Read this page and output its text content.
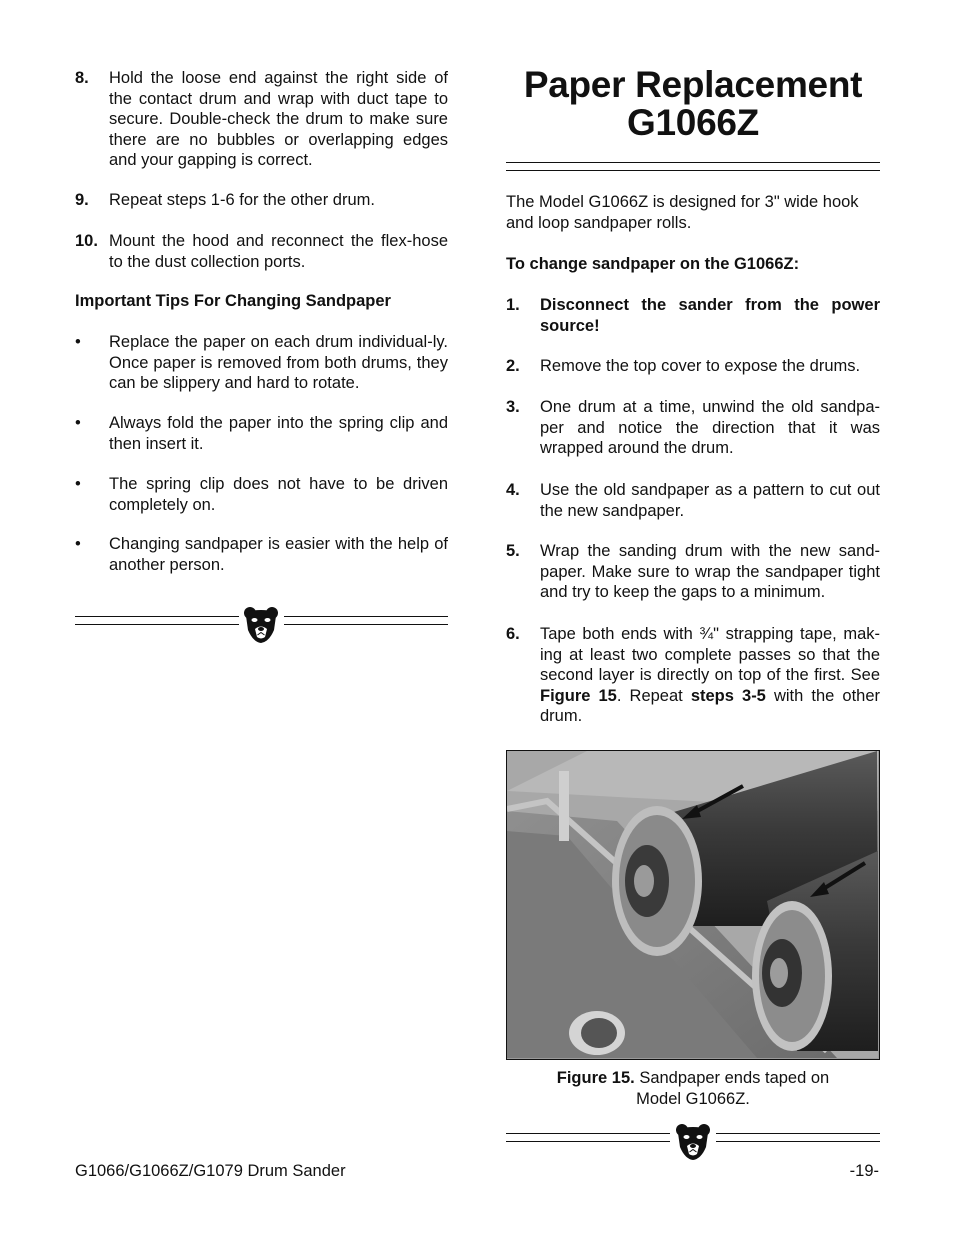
8. Hold the loose end against the right side of the contact drum and wrap with duct tape to secure. Double-check the drum to make sure there are no bubbles or overlapping edges and your gapping is correct.
9. Repeat steps 1-6 for the other drum.
10. Mount the hood and reconnect the flex-hose to the dust collection ports.
Important Tips For Changing Sandpaper
• Replace the paper on each drum individual-ly. Once paper is removed from both drums, they can be slippery and hard to rotate.
• Always fold the paper into the spring clip and then insert it.
• The spring clip does not have to be driven completely on.
• Changing sandpaper is easier with the help of another person.
Paper Replacement
G1066Z
The Model G1066Z is designed for 3" wide hook and loop sandpaper rolls.
To change sandpaper on the G1066Z:
1. Disconnect the sander from the power source!
2. Remove the top cover to expose the drums.
3. One drum at a time, unwind the old sandpa-per and notice the direction that it was wrapped around the drum.
4. Use the old sandpaper as a pattern to cut out the new sandpaper.
5. Wrap the sanding drum with the new sand-paper. Make sure to wrap the sandpaper tight and try to keep the gaps to a minimum.
6. Tape both ends with ¾" strapping tape, mak-ing at least two complete passes so that the second layer is directly on top of the first. See Figure 15. Repeat steps 3-5 with the other drum.
Figure 15. Sandpaper ends taped on
Model G1066Z.
G1066/G1066Z/G1079 Drum Sander	-19-
